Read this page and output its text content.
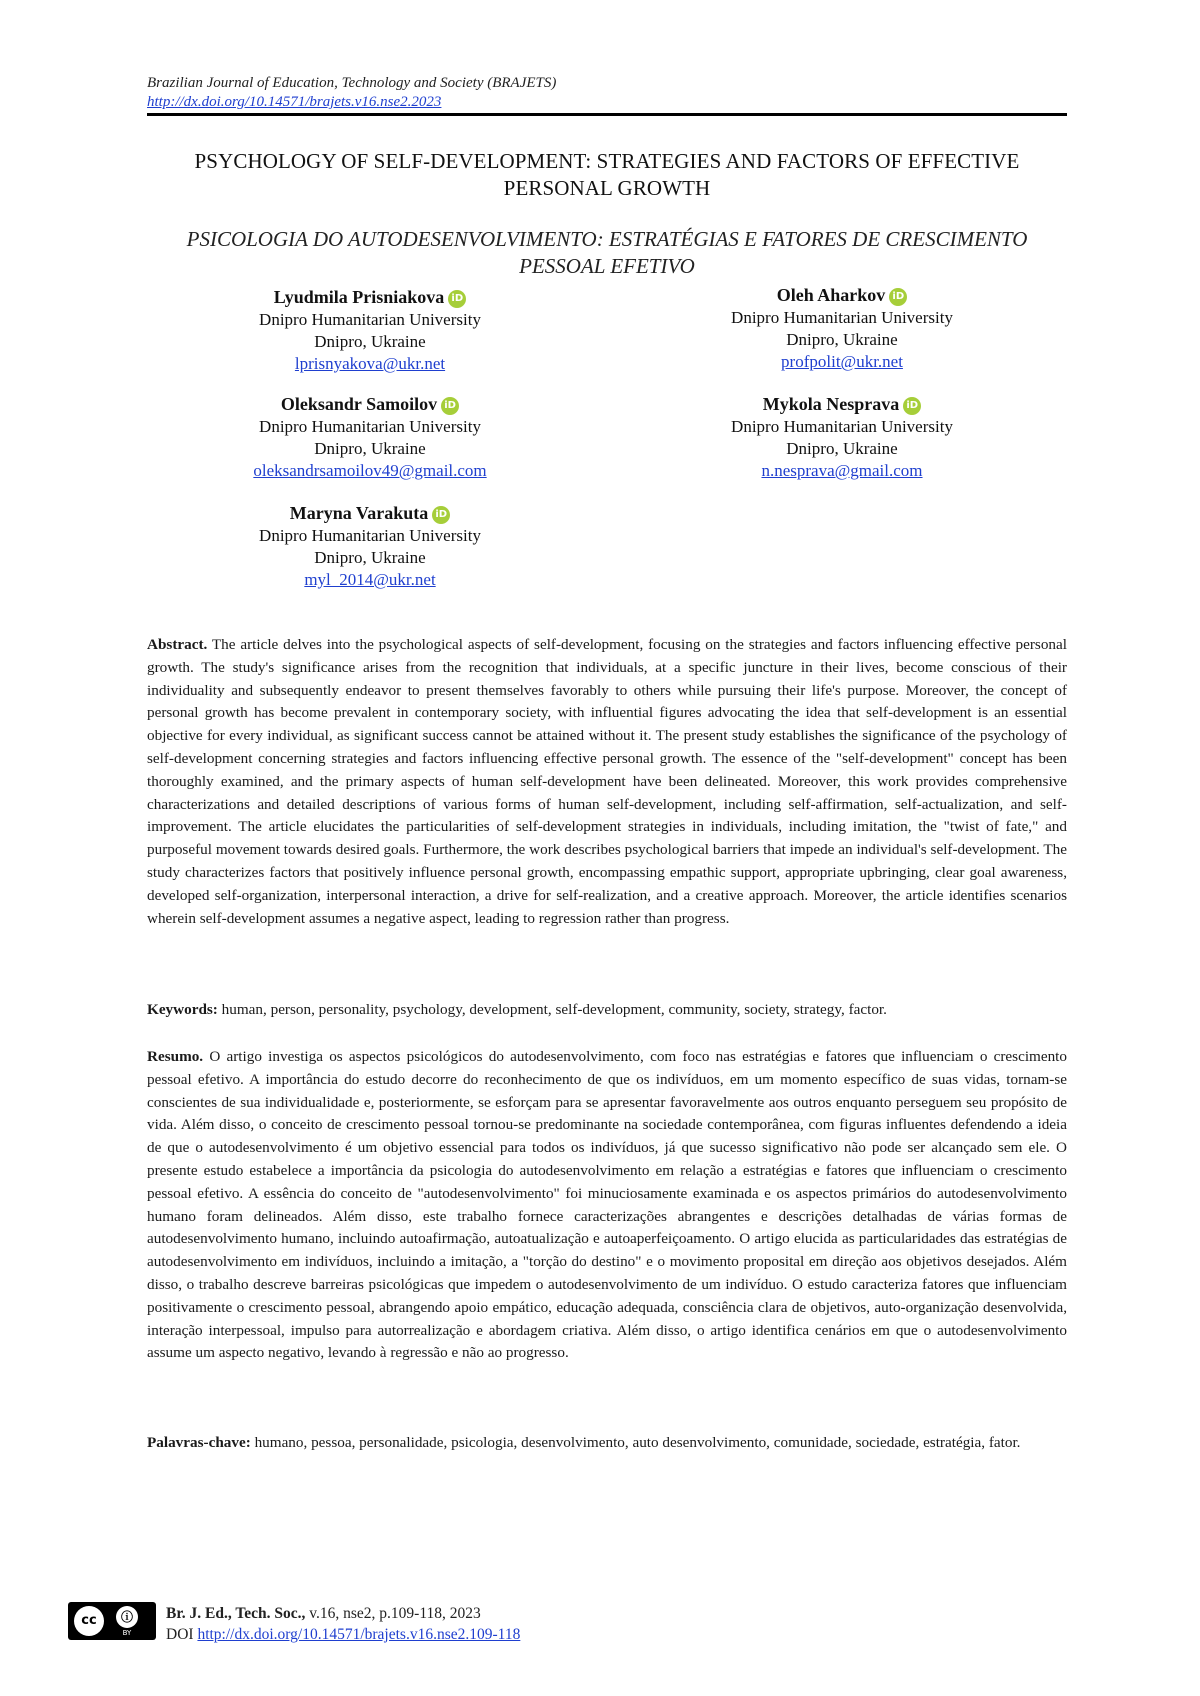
Brazilian Journal of Education, Technology and Society (BRAJETS)
http://dx.doi.org/10.14571/brajets.v16.nse2.2023
PSYCHOLOGY OF SELF-DEVELOPMENT: STRATEGIES AND FACTORS OF EFFECTIVE PERSONAL GROWTH
PSICOLOGIA DO AUTODESENVOLVIMENTO: ESTRATÉGIAS E FATORES DE CRESCIMENTO PESSOAL EFETIVO
Lyudmila Prisniakova iD
Dnipro Humanitarian University
Dnipro, Ukraine
lprisnyakova@ukr.net
Oleh Aharkov iD
Dnipro Humanitarian University
Dnipro, Ukraine
profpolit@ukr.net
Oleksandr Samoilov iD
Dnipro Humanitarian University
Dnipro, Ukraine
oleksandrsamoilov49@gmail.com
Mykola Nesprava iD
Dnipro Humanitarian University
Dnipro, Ukraine
n.nesprava@gmail.com
Maryna Varakuta iD
Dnipro Humanitarian University
Dnipro, Ukraine
myl_2014@ukr.net
Abstract. The article delves into the psychological aspects of self-development, focusing on the strategies and factors influencing effective personal growth. The study's significance arises from the recognition that individuals, at a specific juncture in their lives, become conscious of their individuality and subsequently endeavor to present themselves favorably to others while pursuing their life's purpose. Moreover, the concept of personal growth has become prevalent in contemporary society, with influential figures advocating the idea that self-development is an essential objective for every individual, as significant success cannot be attained without it. The present study establishes the significance of the psychology of self-development concerning strategies and factors influencing effective personal growth. The essence of the "self-development" concept has been thoroughly examined, and the primary aspects of human self-development have been delineated. Moreover, this work provides comprehensive characterizations and detailed descriptions of various forms of human self-development, including self-affirmation, self-actualization, and self-improvement. The article elucidates the particularities of self-development strategies in individuals, including imitation, the "twist of fate," and purposeful movement towards desired goals. Furthermore, the work describes psychological barriers that impede an individual's self-development. The study characterizes factors that positively influence personal growth, encompassing empathic support, appropriate upbringing, clear goal awareness, developed self-organization, interpersonal interaction, a drive for self-realization, and a creative approach. Moreover, the article identifies scenarios wherein self-development assumes a negative aspect, leading to regression rather than progress.
Keywords: human, person, personality, psychology, development, self-development, community, society, strategy, factor.
Resumo. O artigo investiga os aspectos psicológicos do autodesenvolvimento, com foco nas estratégias e fatores que influenciam o crescimento pessoal efetivo. A importância do estudo decorre do reconhecimento de que os indivíduos, em um momento específico de suas vidas, tornam-se conscientes de sua individualidade e, posteriormente, se esforçam para se apresentar favoravelmente aos outros enquanto perseguem seu propósito de vida. Além disso, o conceito de crescimento pessoal tornou-se predominante na sociedade contemporânea, com figuras influentes defendendo a ideia de que o autodesenvolvimento é um objetivo essencial para todos os indivíduos, já que sucesso significativo não pode ser alcançado sem ele. O presente estudo estabelece a importância da psicologia do autodesenvolvimento em relação a estratégias e fatores que influenciam o crescimento pessoal efetivo. A essência do conceito de "autodesenvolvimento" foi minuciosamente examinada e os aspectos primários do autodesenvolvimento humano foram delineados. Além disso, este trabalho fornece caracterizações abrangentes e descrições detalhadas de várias formas de autodesenvolvimento humano, incluindo autoafirmação, autoatualização e autoaperfeiçoamento. O artigo elucida as particularidades das estratégias de autodesenvolvimento em indivíduos, incluindo a imitação, a "torção do destino" e o movimento proposital em direção aos objetivos desejados. Além disso, o trabalho descreve barreiras psicológicas que impedem o autodesenvolvimento de um indivíduo. O estudo caracteriza fatores que influenciam positivamente o crescimento pessoal, abrangendo apoio empático, educação adequada, consciência clara de objetivos, auto-organização desenvolvida, interação interpessoal, impulso para autorrealização e abordagem criativa. Além disso, o artigo identifica cenários em que o autodesenvolvimento assume um aspecto negativo, levando à regressão e não ao progresso.
Palavras-chave: humano, pessoa, personalidade, psicologia, desenvolvimento, auto desenvolvimento, comunidade, sociedade, estratégia, fator.
cc	ⓘ
BY
Br. J. Ed., Tech. Soc., v.16, nse2, p.109-118, 2023
DOI http://dx.doi.org/10.14571/brajets.v16.nse2.109-118
